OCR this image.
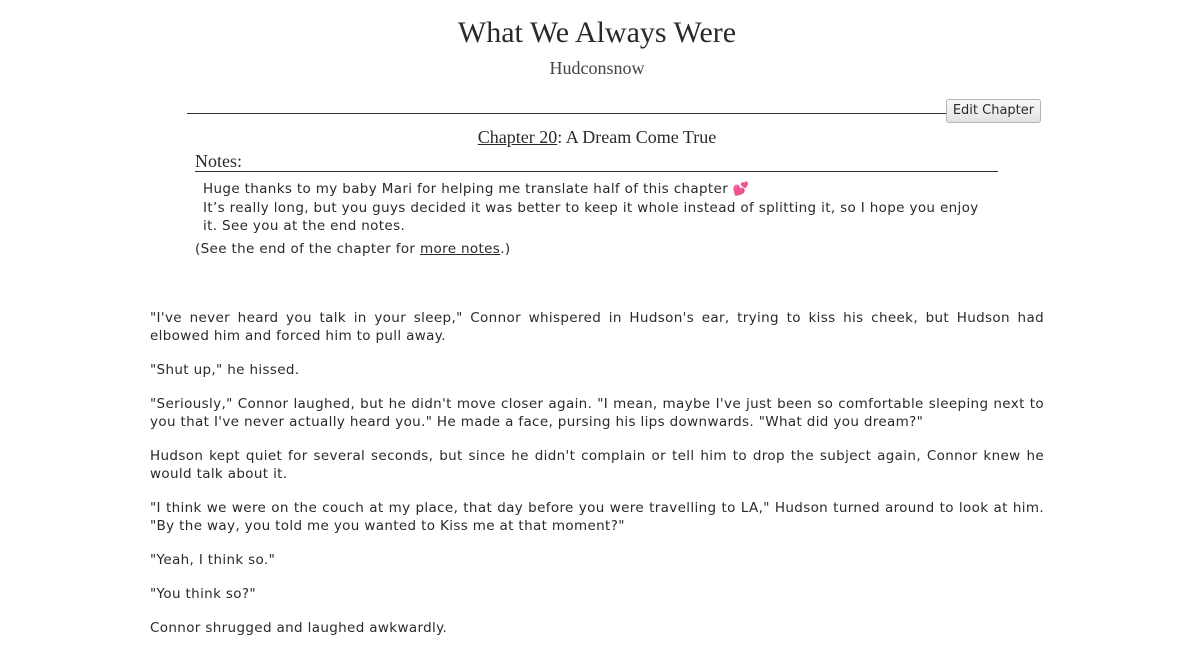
What We Always Were
Hudconsnow
Edit Chapter
Chapter 20: A Dream Come True
Notes:

Huge thanks to my baby Mari for helping me translate half of this chapter 💕

It’s really long, but you guys decided it was better to keep it whole instead of splitting it, so I hope you enjoy it. See you at the end notes.

(See the end of the chapter for more notes.)

"I've never heard you talk in your sleep," Connor whispered in Hudson's ear, trying to kiss his cheek, but Hudson had elbowed him and forced him to pull away.

"Shut up," he hissed.

"Seriously," Connor laughed, but he didn't move closer again. "I mean, maybe I've just been so comfortable sleeping next to you that I've never actually heard you." He made a face, pursing his lips downwards. "What did you dream?"

Hudson kept quiet for several seconds, but since he didn't complain or tell him to drop the subject again, Connor knew he would talk about it.

"I think we were on the couch at my place, that day before you were travelling to LA," Hudson turned around to look at him. "By the way, you told me you wanted to Kiss me at that moment?"

"Yeah, I think so."

"You think so?"

Connor shrugged and laughed awkwardly.
